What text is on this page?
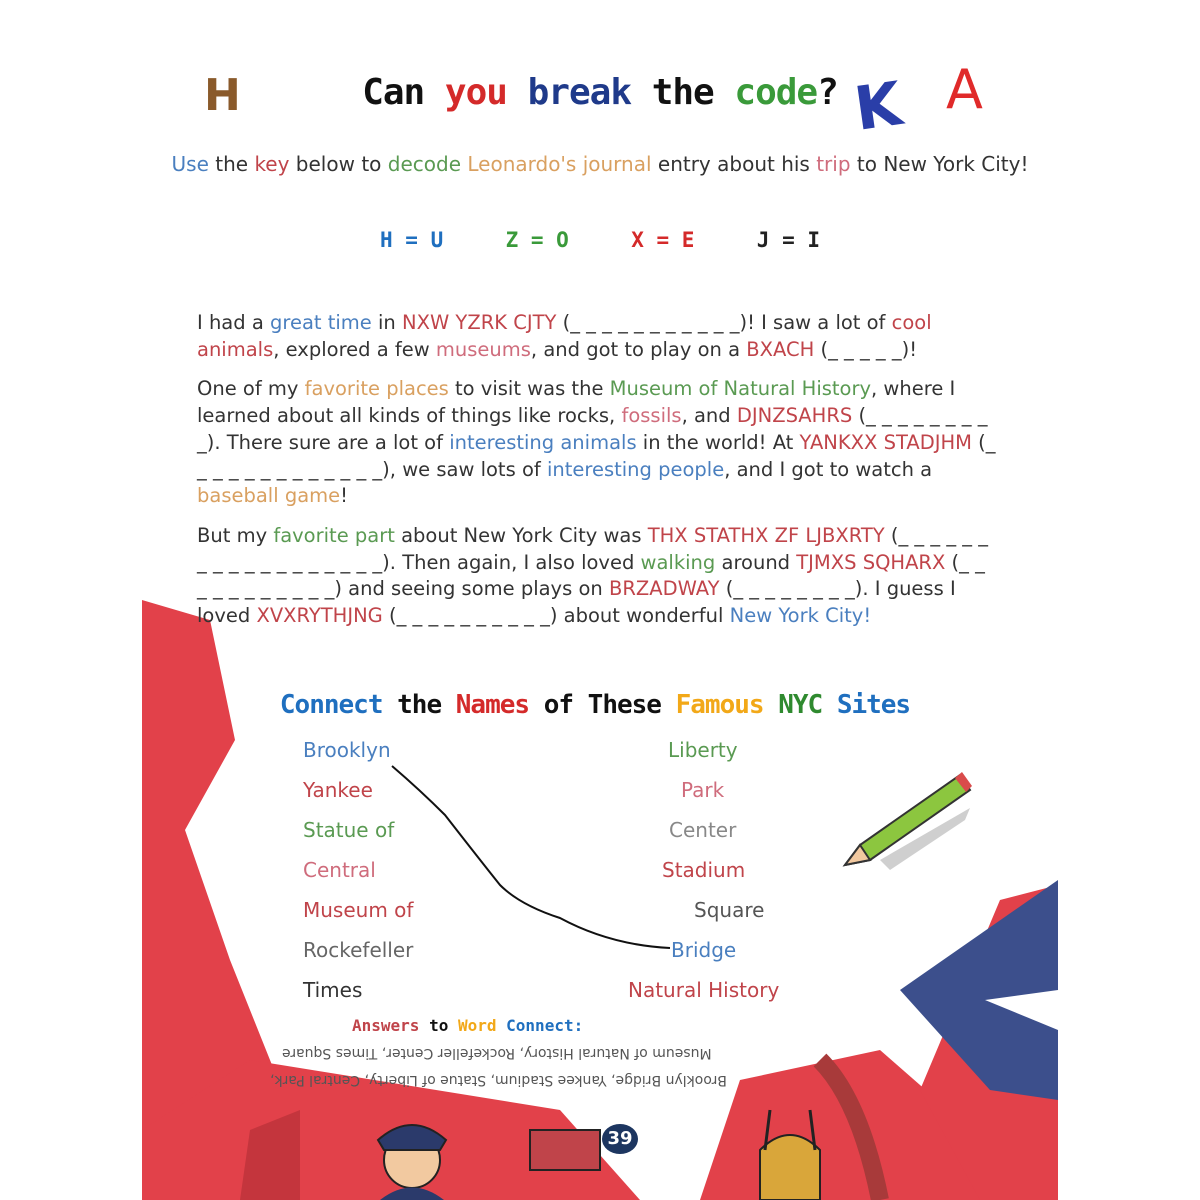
H	K A
Can you break the code?
Use the key below to decode Leonardo's journal entry about his trip to New York City!
H = U	Z = O	X = E	J = I

I had a great time in NXW YZRK CJTY (_ _ _ _ _ _ _ _ _ _ _)! I saw a lot of cool animals, explored a few museums, and got to play on a BXACH (_ _ _ _ _)!

One of my favorite places to visit was the Museum of Natural History, where I learned about all kinds of things like rocks, fossils, and DJNZSAHRS (_ _ _ _ _ _ _ _ _). There sure are a lot of interesting animals in the world! At YANKXX STADJHM (_ _ _ _ _ _ _ _ _ _ _ _ _), we saw lots of interesting people, and I got to watch a baseball game!

But my favorite part about New York City was THX STATHX ZF LJBXRTY (_ _ _ _ _ _ _ _ _ _ _ _ _ _ _ _ _ _). Then again, I also loved walking around TJMXS SQHARX (_ _ _ _ _ _ _ _ _ _ _) and seeing some plays on BRZADWAY (_ _ _ _ _ _ _ _). I guess I loved XVXRYTHJNG (_ _ _ _ _ _ _ _ _ _) about wonderful New York City!

Connect the Names of These Famous NYC Sites
Brooklyn
Yankee
Statue of
Central
Museum of
Rockefeller
Times
Liberty
Park
Center
Stadium
Square
Bridge
Natural History
Answers to Word Connect:
Brooklyn Bridge, Yankee Stadium, Statue of Liberty, Central Park,
Museum of Natural History, Rockefeller Center, Times Square
39
